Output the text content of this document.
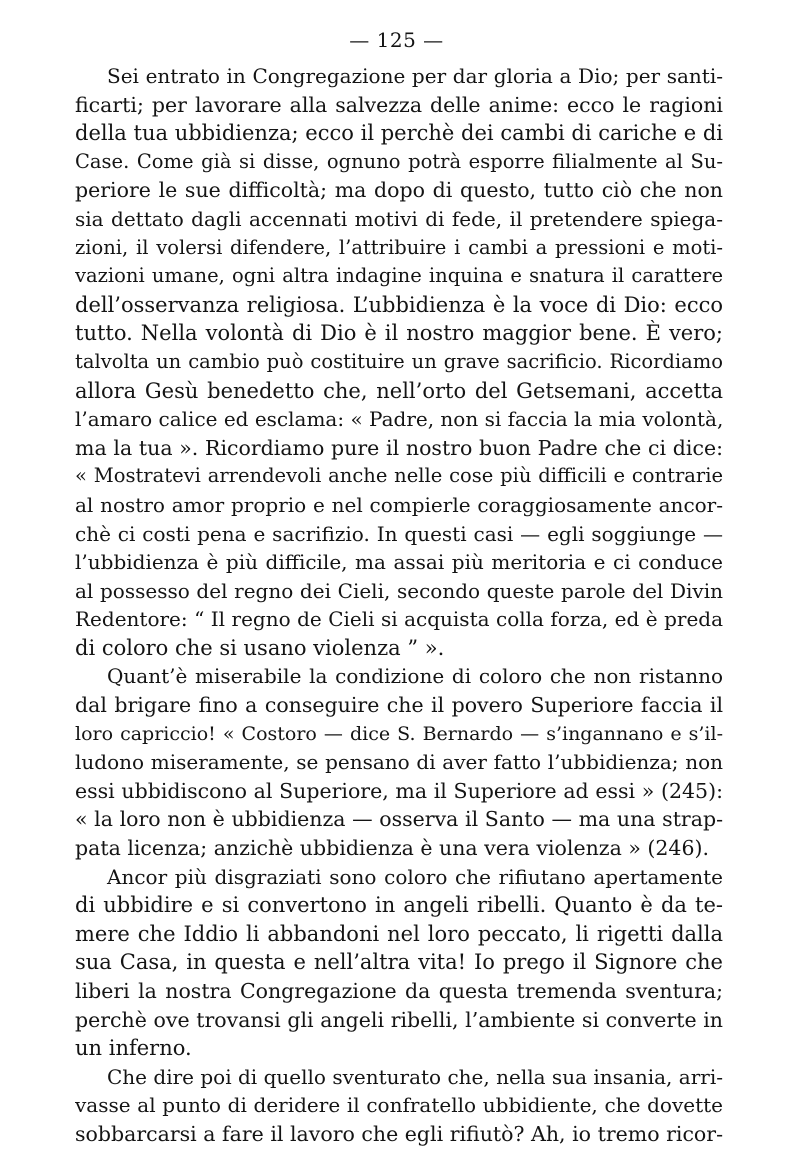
— 125 —
Sei entrato in Congregazione per dar gloria a Dio; per santi-
ficarti; per lavorare alla salvezza delle anime: ecco le ragioni
della tua ubbidienza; ecco il perchè dei cambi di cariche e di
Case. Come già si disse, ognuno potrà esporre filialmente al Su-
periore le sue difficoltà; ma dopo di questo, tutto ciò che non
sia dettato dagli accennati motivi di fede, il pretendere spiega-
zioni, il volersi difendere, l’attribuire i cambi a pressioni e moti-
vazioni umane, ogni altra indagine inquina e snatura il carattere
dell’osservanza religiosa. L’ubbidienza è la voce di Dio: ecco
tutto. Nella volontà di Dio è il nostro maggior bene. È vero;
talvolta un cambio può costituire un grave sacrificio. Ricordiamo
allora Gesù benedetto che, nell’orto del Getsemani, accetta
l’amaro calice ed esclama: « Padre, non si faccia la mia volontà,
ma la tua ». Ricordiamo pure il nostro buon Padre che ci dice:
« Mostratevi arrendevoli anche nelle cose più difficili e contrarie
al nostro amor proprio e nel compierle coraggiosamente ancor-
chè ci costi pena e sacrifizio. In questi casi — egli soggiunge —
l’ubbidienza è più difficile, ma assai più meritoria e ci conduce
al possesso del regno dei Cieli, secondo queste parole del Divin
Redentore: “ Il regno de Cieli si acquista colla forza, ed è preda
di coloro che si usano violenza ” ».
Quant’è miserabile la condizione di coloro che non ristanno
dal brigare fino a conseguire che il povero Superiore faccia il
loro capriccio! « Costoro — dice S. Bernardo — s’ingannano e s’il-
ludono miseramente, se pensano di aver fatto l’ubbidienza; non
essi ubbidiscono al Superiore, ma il Superiore ad essi » (245):
« la loro non è ubbidienza — osserva il Santo — ma una strap-
pata licenza; anzichè ubbidienza è una vera violenza » (246).
Ancor più disgraziati sono coloro che rifiutano apertamente
di ubbidire e si convertono in angeli ribelli. Quanto è da te-
mere che Iddio li abbandoni nel loro peccato, li rigetti dalla
sua Casa, in questa e nell’altra vita! Io prego il Signore che
liberi la nostra Congregazione da questa tremenda sventura;
perchè ove trovansi gli angeli ribelli, l’ambiente si converte in
un inferno.
Che dire poi di quello sventurato che, nella sua insania, arri-
vasse al punto di deridere il confratello ubbidiente, che dovette
sobbarcarsi a fare il lavoro che egli rifiutò? Ah, io tremo ricor-
